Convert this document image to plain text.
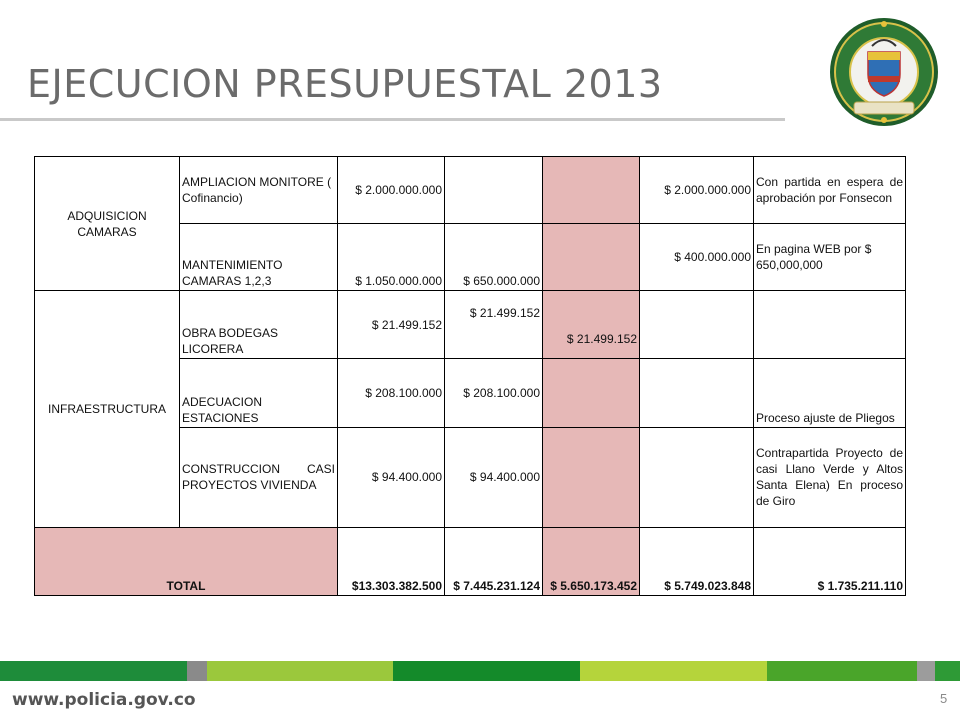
EJECUCION PRESUPUESTAL 2013
ADQUISICION CAMARAS	AMPLIACION MONITORE ( Cofinancio)	$ 2.000.000.000			$ 2.000.000.000	Con partida en espera de aprobación por Fonsecon
	MANTENIMIENTO CAMARAS 1,2,3	$ 1.050.000.000	$ 650.000.000		$ 400.000.000	En pagina WEB por $ 650,000,000
INFRAESTRUCTURA	OBRA BODEGAS LICORERA	$ 21.499.152	$ 21.499.152	$ 21.499.152		
	ADECUACION ESTACIONES	$ 208.100.000	$ 208.100.000			Proceso ajuste de Pliegos
	CONSTRUCCION CASI PROYECTOS VIVIENDA	$ 94.400.000	$ 94.400.000			Contrapartida Proyecto de casi Llano Verde y Altos Santa Elena) En proceso de Giro
TOTAL		$13.303.382.500	$ 7.445.231.124	$ 5.650.173.452	$ 5.749.023.848	$ 1.735.211.110
www.policia.gov.co	5
